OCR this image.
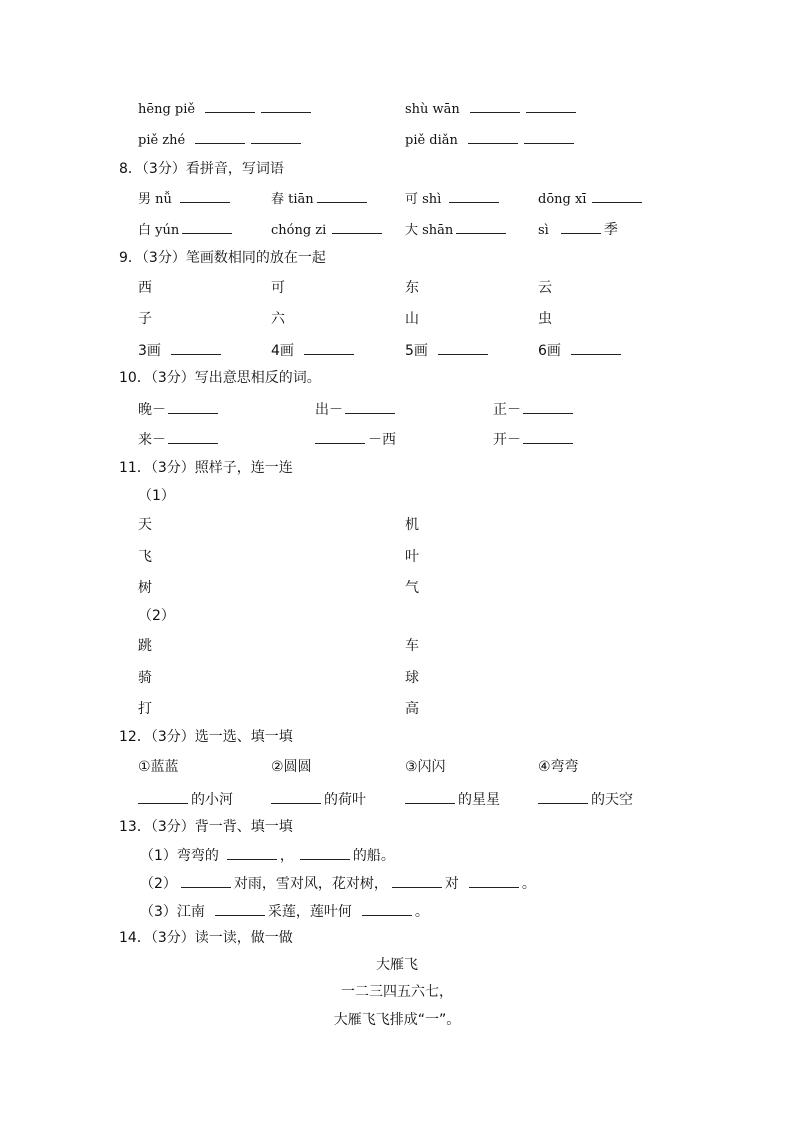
hēng piě	shù wān
piě zhé	piě diǎn
8．（3分）看拼音，写词语
男 nǚ	春 tiān	可 shì	dōng xī
白 yún	chóng zi	大 shān	sì	季
9．（3分）笔画数相同的放在一起
西	可	东	云
子	六	山	虫
3画	4画	5画	6画
10．（3分）写出意思相反的词。
晚－	出－	正－
来－	－西	开－
11．（3分）照样子，连一连
（1）
天	机
飞	叶
树	气
（2）
跳	车
骑	球
打	高
12．（3分）选一选、填一填
①蓝蓝	②圆圆	③闪闪	④弯弯
的小河	的荷叶	的星星	的天空
13．（3分）背一背、填一填
（1）弯弯的	，	的船。
（2）	对雨，雪对风，花对树，	对	。
（3）江南	采莲，莲叶何	。
14．（3分）读一读，做一做
大雁飞
一二三四五六七，
大雁飞飞排成“一”。
